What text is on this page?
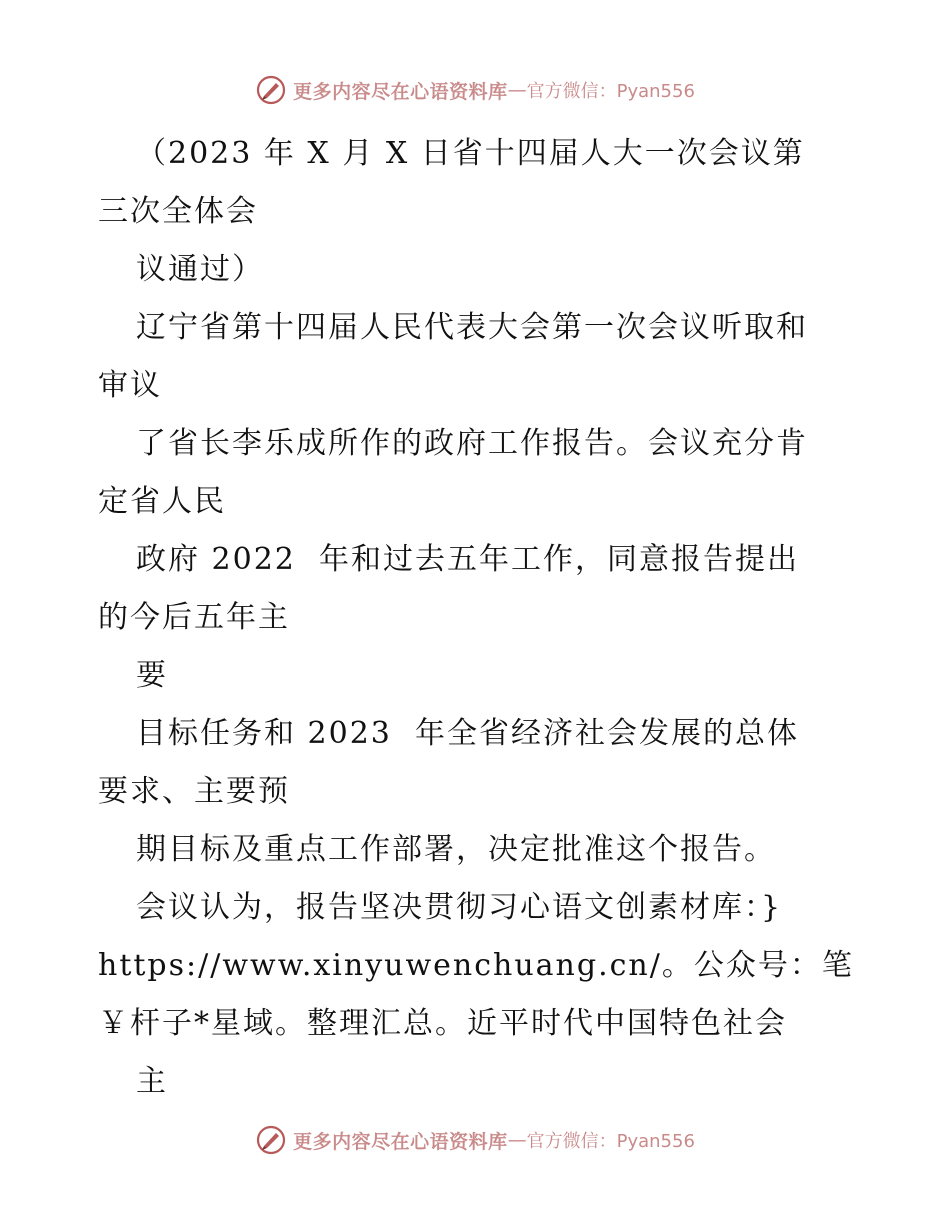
更多内容尽在心语资料库 — 官方微信：Pyan556
（2023 年 X 月 X 日省十四届人大一次会议第
三次全体会
议通过）
辽宁省第十四届人民代表大会第一次会议听取和
审议
了省长李乐成所作的政府工作报告。会议充分肯
定省人民
政府 2022  年和过去五年工作，同意报告提出
的今后五年主
要
目标任务和 2023  年全省经济社会发展的总体
要求、主要预
期目标及重点工作部署，决定批准这个报告。
会议认为，报告坚决贯彻习心语文创素材库：}
https://www.xinyuwenchuang.cn/。公众号：笔
￥杆子*星域。整理汇总。近平时代中国特色社会
主
更多内容尽在心语资料库 — 官方微信：Pyan556
